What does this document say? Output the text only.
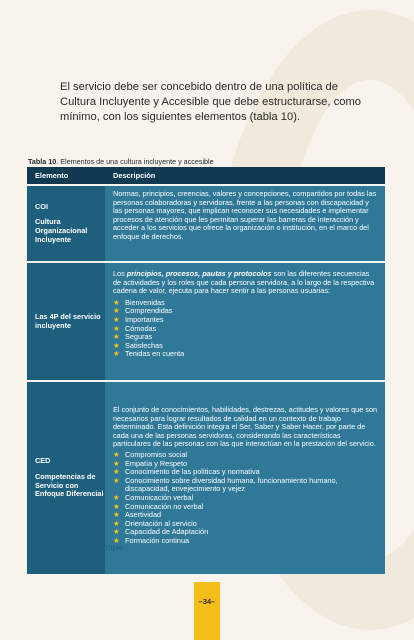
El servicio debe ser concebido dentro de una política de Cultura Incluyente y Accesible que debe estructurarse, como mínimo, con los siguientes elementos (tabla 10).

Tabla 10. Elementos de una cultura incluyente y accesible
Elemento	Descripción
COI
Cultura Organizacional Incluyente
Normas, principios, creencias, valores y concepciones, compartidos por todas las personas colaboradoras y servidoras, frente a las personas con discapacidad y las personas mayores, que implican reconocer sus necesidades e implementar procesos de atención que les permitan superar las barreras de interacción y acceder a los servicios que ofrece la organización o institución, en el marco del enfoque de derechos.
Las 4P del servicio incluyente
Los principios, procesos, pautas y protocolos son las diferentes secuencias de actividades y los roles que cada persona servidora, a lo largo de la respectiva cadena de valor, ejecuta para hacer sentir a las personas usuarias:
★ Bienvenidas
★ Comprendidas
★ Importantes
★ Cómodas
★ Seguras
★ Satisfechas
★ Tenidas en cuenta
CED
Competencias de Servicio con Enfoque Diferencial
El conjunto de conocimientos, habilidades, destrezas, actitudes y valores que son necesarios para lograr resultados de calidad en un contexto de trabajo determinado. Esta definición integra el Ser, Saber y Saber Hacer, por parte de cada una de las personas servidoras, considerando las características particulares de las personas con las que interactúan en la prestación del servicio.
★ Compromiso social
★ Empatía y Respeto
★ Conocimiento de las políticas y normativa
★ Conocimiento sobre diversidad humana, funcionamiento humano, discapacidad, envejecimiento y vejez
★ Comunicación verbal
★ Comunicación no verbal
★ Asertividad
★ Orientación al servicio
★ Capacidad de Adaptación
★ Formación continua
Fuente: elaboración propia
–34–
